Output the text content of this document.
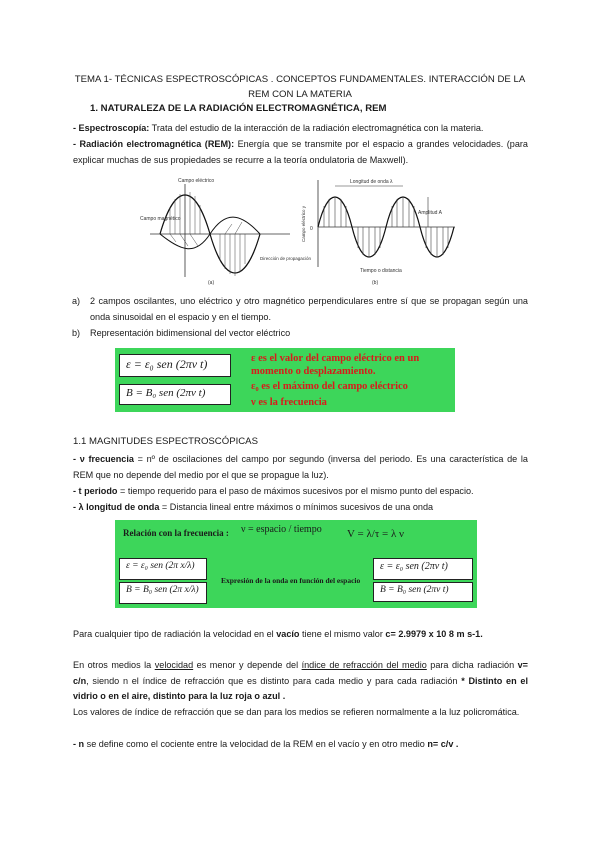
TEMA 1- TÉCNICAS ESPECTROSCÓPICAS . CONCEPTOS FUNDAMENTALES. INTERACCIÓN DE LA REM CON LA MATERIA
1. NATURALEZA DE LA RADIACIÓN ELECTROMAGNÉTICA, REM
- Espectroscopía: Trata del estudio de la interacción de la radiación electromagnética con la materia.
- Radiación electromagnética (REM): Energía que se transmite por el espacio a grandes velocidades. (para explicar muchas de sus propiedades se recurre a la teoría ondulatoria de Maxwell).
Campo eléctrico
Campo magnético
Dirección de propagación
(a)
Longitud de onda λ
Amplitud A
0
Tiempo o distancia
Campo eléctrico y
(b)
a) 2 campos oscilantes, uno eléctrico y otro magnético perpendiculares entre sí que se propagan según una onda sinusoidal en el espacio y en el tiempo.
b) Representación bidimensional del vector eléctrico
ε = ε₀ sen (2πν t)
B = B₀ sen (2πν t)
ε es el valor del campo eléctrico en un momento o desplazamiento.
ε₀ es el máximo del campo eléctrico
ν es la frecuencia
1.1 MAGNITUDES ESPECTROSCÓPICAS
- ν frecuencia = nº de oscilaciones del campo por segundo (inversa del periodo. Es una característica de la REM que no depende del medio por el que se propague la luz).
- t periodo = tiempo requerido para el paso de máximos sucesivos por el mismo punto del espacio.
- λ longitud de onda = Distancia lineal entre máximos o mínimos sucesivos de una onda
Relación con la frecuencia : ν = espacio / tiempo V = λ/τ = λ ν
ε = ε₀ sen (2π x/λ)
B = B₀ sen (2π x/λ)
Expresión de la onda en función del espacio
ε = ε₀ sen (2πν t)
B = B₀ sen (2πν t)
Para cualquier tipo de radiación la velocidad en el vacío tiene el mismo valor c= 2.9979 x 10 8 m s-1.
En otros medios la velocidad es menor y depende del índice de refracción del medio para dicha radiación v= c/n, siendo n el índice de refracción que es distinto para cada medio y para cada radiación * Distinto en el vidrio o en el aire, distinto para la luz roja o azul .
Los valores de índice de refracción que se dan para los medios se refieren normalmente a la luz policromática.
- n se define como el cociente entre la velocidad de la REM en el vacío y en otro medio n= c/v .
